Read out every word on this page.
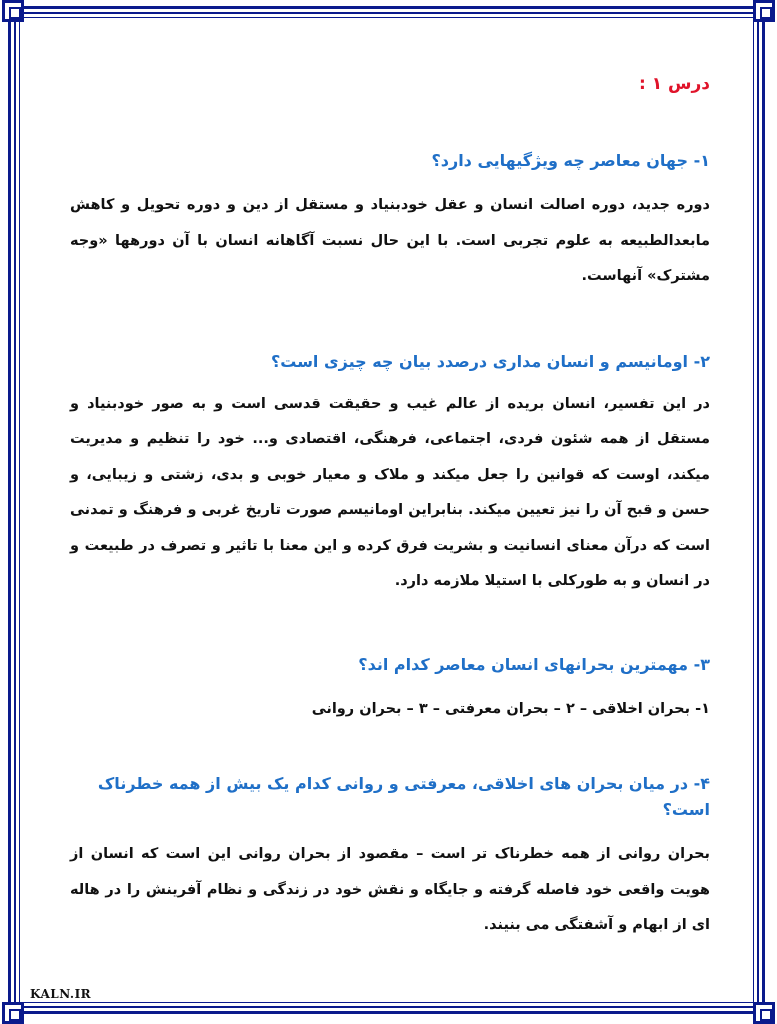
درس ۱ :
۱- جهان معاصر چه ویژگیهایی دارد؟

دوره جدید، دوره اصالت انسان و عقل خودبنیاد و مستقل از دین و دوره تحویل و کاهش مابعدالطبیعه به علوم تجربی است. با این حال نسبت آگاهانه انسان با آن دورهها «وجه مشترک» آنهاست.

۲- اومانیسم و انسان مداری درصدد بیان چه چیزی است؟

در این تفسیر، انسان بریده از عالم غیب و حقیقت قدسی است و به صور خودبنیاد و مستقل از همه شئون فردی، اجتماعی، فرهنگی، اقتصادی و... خود را تنظیم و مدیریت میکند، اوست که قوانین را جعل میکند و ملاک و معیار خوبی و بدی، زشتی و زیبایی، و حسن و قبح آن را نیز تعیین میکند. بنابراین اومانیسم صورت تاریخ غربی و فرهنگ و تمدنی است که درآن معنای انسانیت و بشریت فرق کرده و این معنا با تاثیر و تصرف در طبیعت و در انسان و به طورکلی با استیلا ملازمه دارد.

۳- مهمترین بحرانهای انسان معاصر کدام اند؟

۱- بحران اخلاقی – ۲ – بحران معرفتی – ۳ – بحران روانی

۴- در میان بحران های اخلاقی، معرفتی و روانی کدام یک بیش از همه خطرناک است؟

بحران روانی از همه خطرناک تر است – مقصود از بحران روانی این است که انسان از هویت واقعی خود فاصله گرفته و جایگاه و نقش خود در زندگی و نظام آفرینش را در هاله ای از ابهام و آشفتگی می بنیند.

KALN.IR
